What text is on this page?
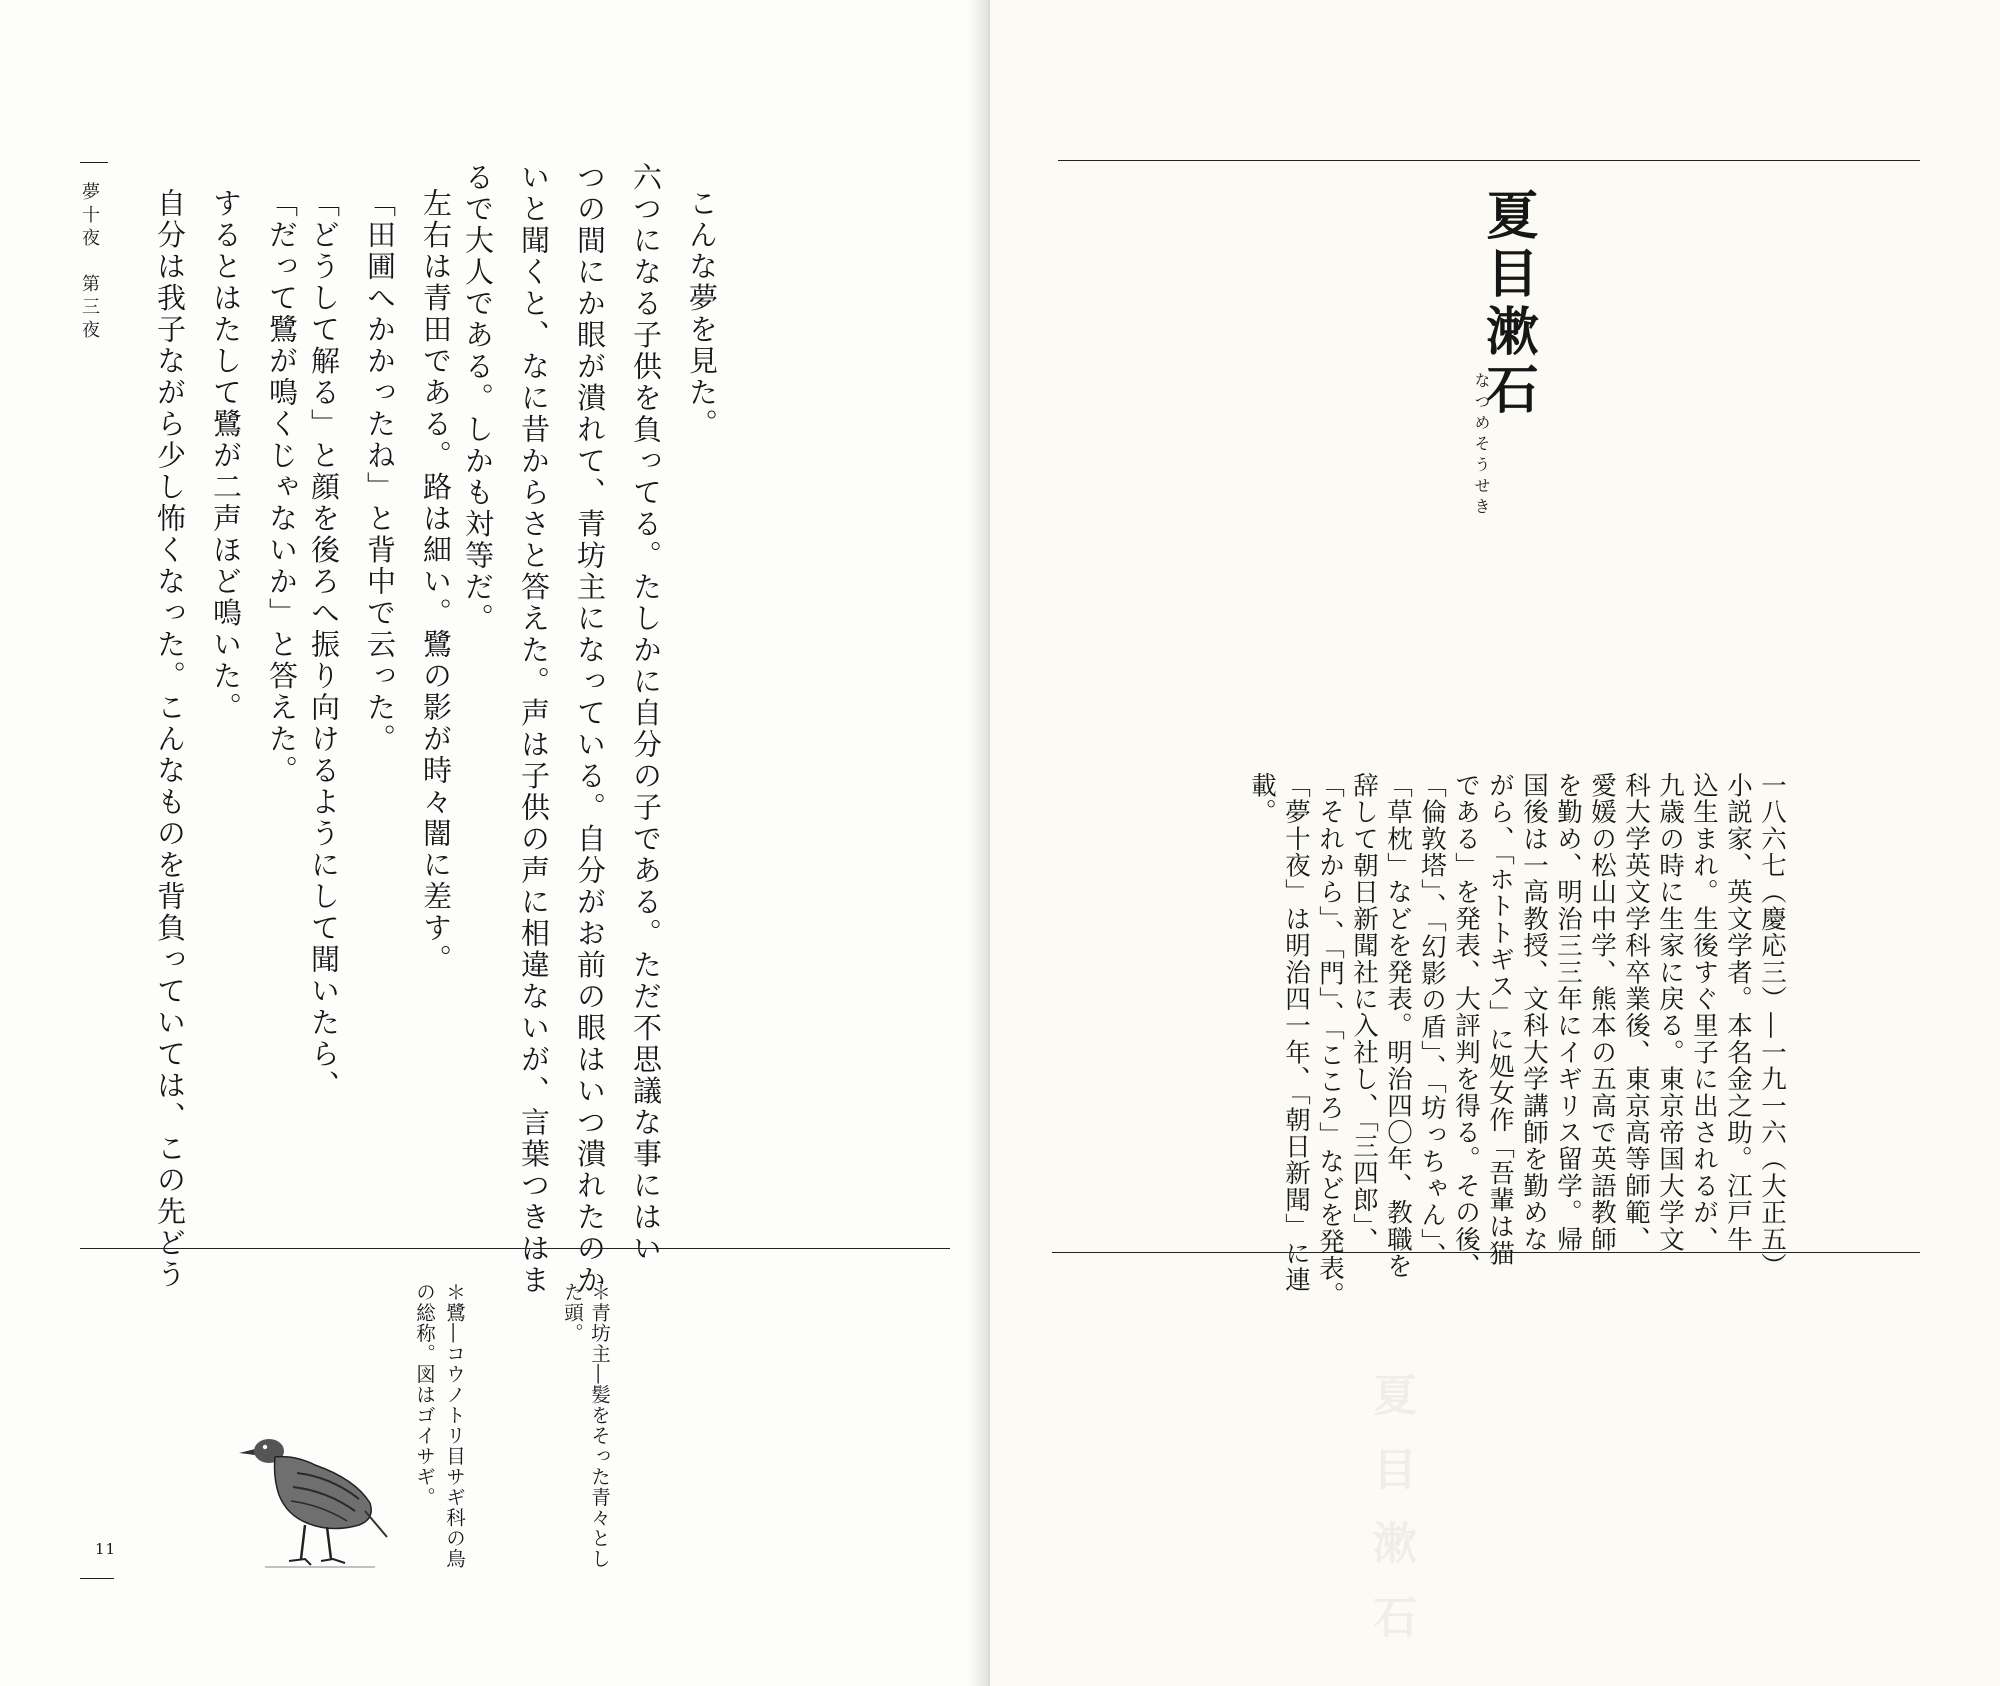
夢十夜　第三夜	こんな夢を見た。
六つになる子供を負ってる。たしかに自分の子である。ただ不思議な事にはい
つの間にか眼が潰れて、青坊主になっている。自分がお前の眼はいつ潰れたのか
いと聞くと、なに昔からさと答えた。声は子供の声に相違ないが、言葉つきはま
るで大人である。しかも対等だ。
左右は青田である。路は細い。鷺の影が時々闇に差す。
「田圃へかかったね」と背中で云った。
「どうして解る」と顔を後ろへ振り向けるようにして聞いたら、
「だって鷺が鳴くじゃないか」と答えた。
するとはたして鷺が二声ほど鳴いた。
自分は我子ながら少し怖くなった。こんなものを背負っていては、この先どう
＊青坊主―髪をそった青々とし
た頭。
＊鷺―コウノトリ目サギ科の鳥
の総称。図はゴイサギ。
11
夏目漱石
なつめそうせき
一八六七（慶応三）―一九一六（大正五）
小説家、英文学者。本名金之助。江戸牛
込生まれ。生後すぐ里子に出されるが、
九歳の時に生家に戻る。東京帝国大学文
科大学英文学科卒業後、東京高等師範、
愛媛の松山中学、熊本の五高で英語教師
を勤め、明治三三年にイギリス留学。帰
国後は一高教授、文科大学講師を勤めな
がら、「ホトトギス」に処女作「吾輩は猫
である」を発表、大評判を得る。その後、
「倫敦塔」、「幻影の盾」、「坊っちゃん」、
「草枕」などを発表。明治四〇年、教職を
辞して朝日新聞社に入社し、「三四郎」、
「それから」、「門」、「こころ」などを発表。
「夢十夜」は明治四一年、「朝日新聞」に連
載。
夏目漱石
